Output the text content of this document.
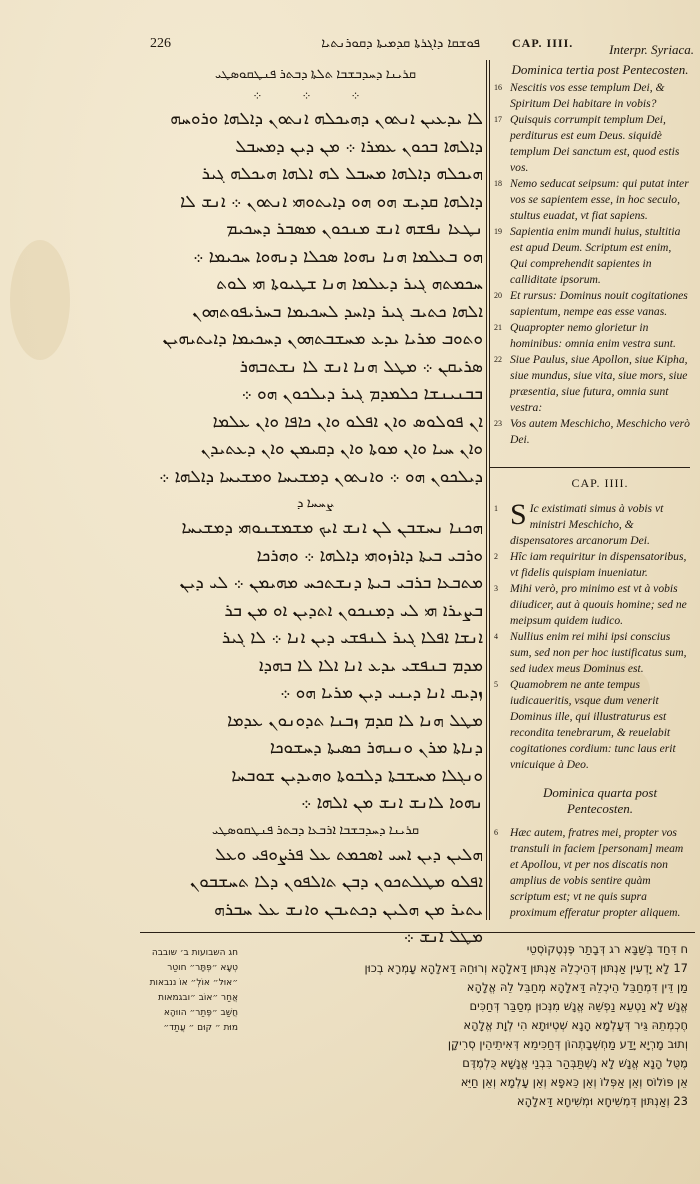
226	ܦܘܫܩܐ ܕܐܓܪܬܐ ܩܕܡܝܬܐ ܕܩܘܪܢܬܝܐ	CAP. IIII.	Interpr. Syriaca.
ܩܪܝܢܐ ܕܚܕܒܫܒܐ ܬܠܬܐ ܕܒܬܪ ܦܢܛܩܘܣܛܝ
⁘ ⁘ ⁘
ܠܐ ܝܕܥܝܢ ܐܢܬܘܢ ܕܗܝܟܠܗ ܐܢܬܘܢ ܕܐܠܗܐ ܘܪܘܚܗ
ܕܐܠܗܐ ܒܟܘܢ ܥܡܪܐ ܀ ܡܢ ܕܝܢ ܕܡܚܒܠ
ܗܝܟܠܗ ܕܐܠܗܐ ܡܚܒܠ ܠܗ ܐܠܗܐ ܗܝܟܠܗ ܓܝܪ
ܕܐܠܗܐ ܩܕܝܫ ܗܘ ܗܘ ܕܐܝܬܘܗܝ ܐܢܬܘܢ ܀ ܐܢܫ ܠܐ
ܢܛܥܐ ܢܦܫܗ ܐܢܫ ܡܢܟܘܢ ܡܣܒܪ ܕܚܟܝܡ
ܗܘ ܒܥܠܡܐ ܗܢܐ ܢܗܘܐ ܣܟܠܐ ܕܢܗܘܐ ܚܟܝܡܐ ܀
ܚܟܡܬܗ ܓܝܪ ܕܥܠܡܐ ܗܢܐ ܫܛܝܘܬܐ ܗܝ ܠܘܬ
ܐܠܗܐ ܟܬܝܒ ܓܝܪ ܕܐܚܕ ܠܚܟܝܡܐ ܒܚܪܝܦܘܬܗܘܢ
ܘܬܘܒ ܡܪܝܐ ܝܕܥ ܡܚܫܒܬܗܘܢ ܕܚܟܝܡܐ ܕܐܝܬܝܗܝܢ
ܣܪܝܩܢ ܀ ܡܛܠ ܗܢܐ ܐܢܫ ܠܐ ܢܫܬܒܗܪ
ܒܒܢܝܢܫܐ ܟܠܡܕܡ ܓܝܪ ܕܝܠܟܘܢ ܗܘ ܀
ܐܢ ܦܘܠܘܣ ܘܐܢ ܐܦܠܘ ܘܐܢ ܟܐܦܐ ܘܐܢ ܥܠܡܐ
ܘܐܢ ܚܝܐ ܘܐܢ ܡܘܬܐ ܘܐܢ ܕܩܝܡܢ ܘܐܢ ܕܥܬܝܕܢ
ܕܝܠܟܘܢ ܗܘ ܀ ܘܐܢܬܘܢ ܕܡܫܝܚܐ ܘܡܫܝܚܐ ܕܐܠܗܐ ܀
ܨܚܚܐ ܕ
ܗܟܢܐ ܢܚܫܒܢ ܠܢ ܐܢܫ ܐܝܟ ܡܫܡܫܢܘܗܝ ܕܡܫܝܚܐ
ܘܪܒܝ ܒܝܬܐ ܕܐܪܙܘܗܝ ܕܐܠܗܐ ܀ ܘܗܪܟܐ
ܡܬܒܥܐ ܒܪܒܝ ܒܝܬܐ ܕܢܫܬܟܚ ܡܗܝܡܢ ܀ ܠܝ ܕܝܢ
ܒܨܝܪܐ ܗܝ ܠܝ ܕܡܢܟܘܢ ܐܬܕܝܢ ܐܘ ܡܢ ܒܪ
ܐܢܫܐ ܐܦܠܐ ܓܝܪ ܠܢܦܫܝ ܕܝܢ ܐܢܐ ܀ ܠܐ ܓܝܪ
ܡܕܡ ܒܢܦܫܝ ܝܕܥ ܐܢܐ ܐܠܐ ܠܐ ܒܗܕܐ
ܙܕܝܩ ܐܢܐ ܕܝܢܝ ܕܝܢ ܡܪܝܐ ܗܘ ܀
ܡܛܠ ܗܢܐ ܠܐ ܩܕܡ ܙܒܢܐ ܬܕܘܢܘܢ ܥܕܡܐ
ܕܢܐܬܐ ܡܪܢ ܘܢܢܗܪ ܟܣܝܬܐ ܕܚܫܘܟܐ
ܘܢܓܠܐ ܡܚܫܒܬܐ ܕܠܒܘܬܐ ܘܗܝܕܝܢ ܫܘܒܚܐ
ܢܗܘܐ ܠܐܢܫ ܐܢܫ ܡܢ ܐܠܗܐ ܀
ܩܪܝܢܐ ܕܚܕܒܫܒܐ ܐܪܒܥܐ ܕܒܬܪ ܦܢܛܩܘܣܛܝ
ܗܠܝܢ ܕܝܢ ܐܚܝ ܐܣܟܡܬ ܥܠ ܦܪܨܘܦܝ ܘܥܠ
ܐܦܠܘ ܡܛܠܬܟܘܢ ܕܒܢ ܬܐܠܦܘܢ ܕܠܐ ܬܚܫܒܘܢ
ܝܬܝܪ ܡܢ ܗܠܝܢ ܕܟܬܝܒܢ ܘܐܢܫ ܥܠ ܚܒܪܗ
ܡܛܠ ܐܢܫ ܀
Dominica tertia post Pentecosten.
16 Nescitis vos esse templum Dei, & Spiritum Dei habitare in vobis?
17 Quisquis corrumpit templum Dei, perditurus est eum Deus. siquidè templum Dei sanctum est, quod estis vos.
18 Nemo seducat seipsum: qui putat inter vos se sapientem esse, in hoc seculo, stultus euadat, vt fiat sapiens.
19 Sapientia enim mundi huius, stultitia est apud Deum. Scriptum est enim, Qui comprehendit sapientes in calliditate ipsorum.
20 Et rursus: Dominus nouit cogitationes sapientum, nempe eas esse vanas.
21 Quapropter nemo glorietur in hominibus: omnia enim vestra sunt.
22 Siue Paulus, siue Apollon, siue Kipha, siue mundus, siue vita, siue mors, siue præsentia, siue futura, omnia sunt vestra:
23 Vos autem Meschicho, Meschicho verò Dei.
CAP. IIII.
1 S Ic existimati simus à vobis vt ministri Meschicho, & dispensatores arcanorum Dei.
2 Hîc iam requiritur in dispensatoribus, vt fidelis quispiam inueniatur.
3 Mihi verò, pro minimo est vt à vobis diiudicer, aut à quouis homine; sed ne meipsum quidem iudico.
4 Nullius enim rei mihi ipsi conscius sum, sed non per hoc iustificatus sum, sed iudex meus Dominus est.
5 Quamobrem ne ante tempus iudicaueritis, vsque dum venerit Dominus ille, qui illustraturus est recondita tenebrarum, & reuelabit cogitationes cordium: tunc laus erit vnicuique à Deo.
Dominica quarta post Pentecosten.
6 Hæc autem, fratres mei, propter vos transtuli in faciem [personam] meam et Apollou, vt per nos discatis non amplius de vobis sentire quàm scriptum est; vt ne quis supra proximum efferatur propter aliquem.
חג השבועות ב׳ שובבה
טְעָא ״פְּתָּר״ חוטַר
״אוּל״ אוֹלְ״ אוֹ ננבאות
אֲחַר ״אוֹב ״ובגמאות
חֲשַׁב ״פֶּתַר״ הווּהָא
מוּת ״ קוּם ״ עֲתַד״
ח דִּחַד בְּשַׁבָּא רג דְּבָתַר פֶּנְטֶקוֹסְטֵי
17 לָא יָדְעִין אַנְתּוּן דְּהֵיכְלֵהּ אַנְתּוּן דַּאלָהָא וְרוּחֵהּ דַּאלָהָא עָמְרָא בְכוּן
מַן דֵּין דִּמְחַבֵּל הֵיכְלֵהּ דַּאלָהָא מְחַבֵּל לֵהּ אֱלָהָא
אֱנָשׁ לָא נַטְעֵא נַפְשֵׁהּ אֱנָשׁ מִנְּכוּן מְסַבַּר דְּחַכִּים
חֶכְמְתֵהּ גֵּיר דְּעָלְמָא הָנָא שְׁטְיוּתָא הִי לְוָת אֱלָהָא
וְתוּב מָרְיָא יָדַע מַחְשְׁבָתְהוֹן דְּחַכִּימֵא דְּאִיתֵיהֵין סְרִיקָן
מֶטֻּל הָנָא אֱנָשׁ לָא נֶשְׁתַּבְּהַר בִּבְנַי אֱנָשָׁא כֻּלְמֶדֶּם
אֵן פּוֹלוֹס וְאֵן אַפְּלוֹ וְאֵן כֵּאפָא וְאֵן עָלְמָא וְאֵן חַיֵּא
23 וְאַנְתּוּן דִּמְשִׁיחָא וּמְשִׁיחָא דַּאלָהָא
